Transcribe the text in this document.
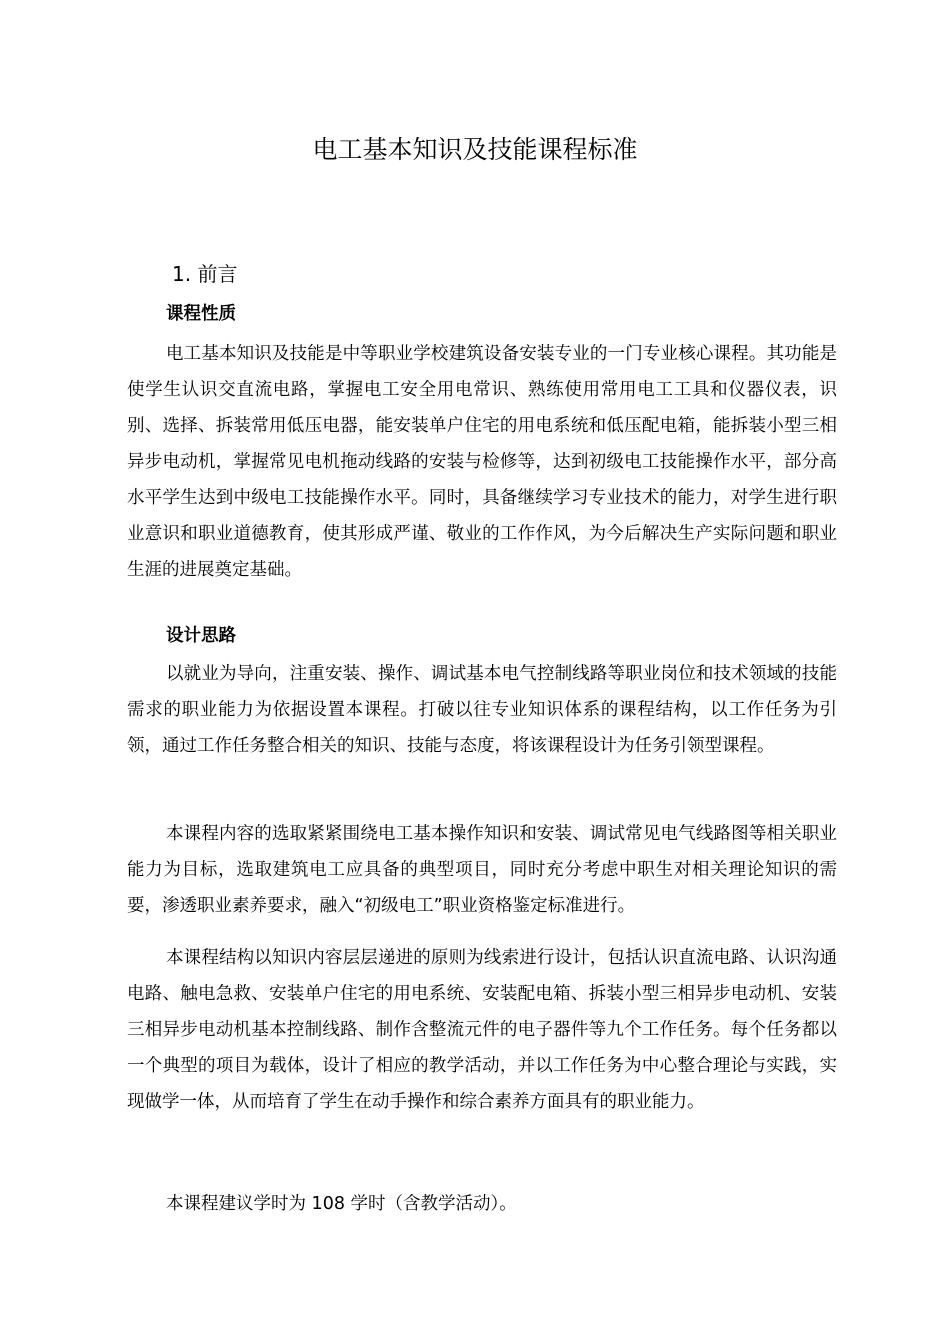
电工基本知识及技能课程标准
1. 前言
课程性质

电工基本知识及技能是中等职业学校建筑设备安装专业的一门专业核心课程。其功能是使学生认识交直流电路，掌握电工安全用电常识、熟练使用常用电工工具和仪器仪表，识别、选择、拆装常用低压电器，能安装单户住宅的用电系统和低压配电箱，能拆装小型三相异步电动机，掌握常见电机拖动线路的安装与检修等，达到初级电工技能操作水平，部分高水平学生达到中级电工技能操作水平。同时，具备继续学习专业技术的能力，对学生进行职业意识和职业道德教育，使其形成严谨、敬业的工作作风，为今后解决生产实际问题和职业生涯的进展奠定基础。

设计思路

以就业为导向，注重安装、操作、调试基本电气控制线路等职业岗位和技术领域的技能需求的职业能力为依据设置本课程。打破以往专业知识体系的课程结构，以工作任务为引领，通过工作任务整合相关的知识、技能与态度，将该课程设计为任务引领型课程。

本课程内容的选取紧紧围绕电工基本操作知识和安装、调试常见电气线路图等相关职业能力为目标，选取建筑电工应具备的典型项目，同时充分考虑中职生对相关理论知识的需要，渗透职业素养要求，融入“初级电工”职业资格鉴定标准进行。

本课程结构以知识内容层层递进的原则为线索进行设计，包括认识直流电路、认识沟通电路、触电急救、安装单户住宅的用电系统、安装配电箱、拆装小型三相异步电动机、安装三相异步电动机基本控制线路、制作含整流元件的电子器件等九个工作任务。每个任务都以一个典型的项目为载体，设计了相应的教学活动，并以工作任务为中心整合理论与实践，实现做学一体，从而培育了学生在动手操作和综合素养方面具有的职业能力。

本课程建议学时为 108 学时（含教学活动）。
